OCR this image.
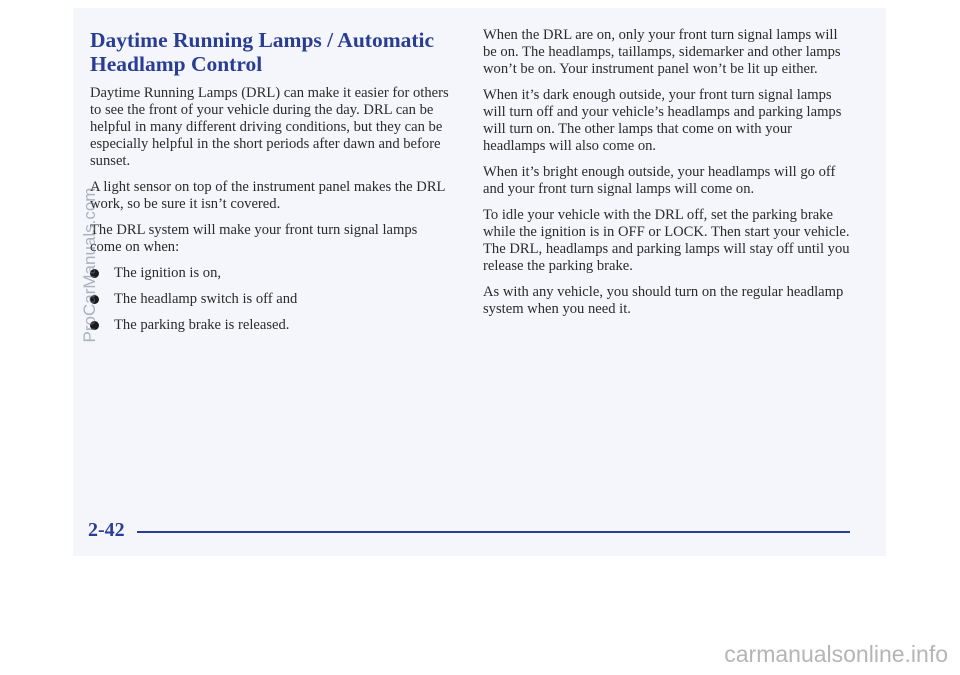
Daytime Running Lamps / Automatic
Headlamp Control

Daytime Running Lamps (DRL) can make it easier for others to see the front of your vehicle during the day. DRL can be helpful in many different driving conditions, but they can be especially helpful in the short periods after dawn and before sunset.

A light sensor on top of the instrument panel makes the DRL work, so be sure it isn’t covered.

The DRL system will make your front turn signal lamps come on when:

The ignition is on,
The headlamp switch is off and
The parking brake is released.

When the DRL are on, only your front turn signal lamps will be on. The headlamps, taillamps, sidemarker and other lamps won’t be on. Your instrument panel won’t be lit up either.

When it’s dark enough outside, your front turn signal lamps will turn off and your vehicle’s headlamps and parking lamps will turn on. The other lamps that come on with your headlamps will also come on.

When it’s bright enough outside, your headlamps will go off and your front turn signal lamps will come on.

To idle your vehicle with the DRL off, set the parking brake while the ignition is in OFF or LOCK. Then start your vehicle. The DRL, headlamps and parking lamps will stay off until you release the parking brake.

As with any vehicle, you should turn on the regular headlamp system when you need it.

2-42
ProCarManuals.com
carmanualsonline.info
